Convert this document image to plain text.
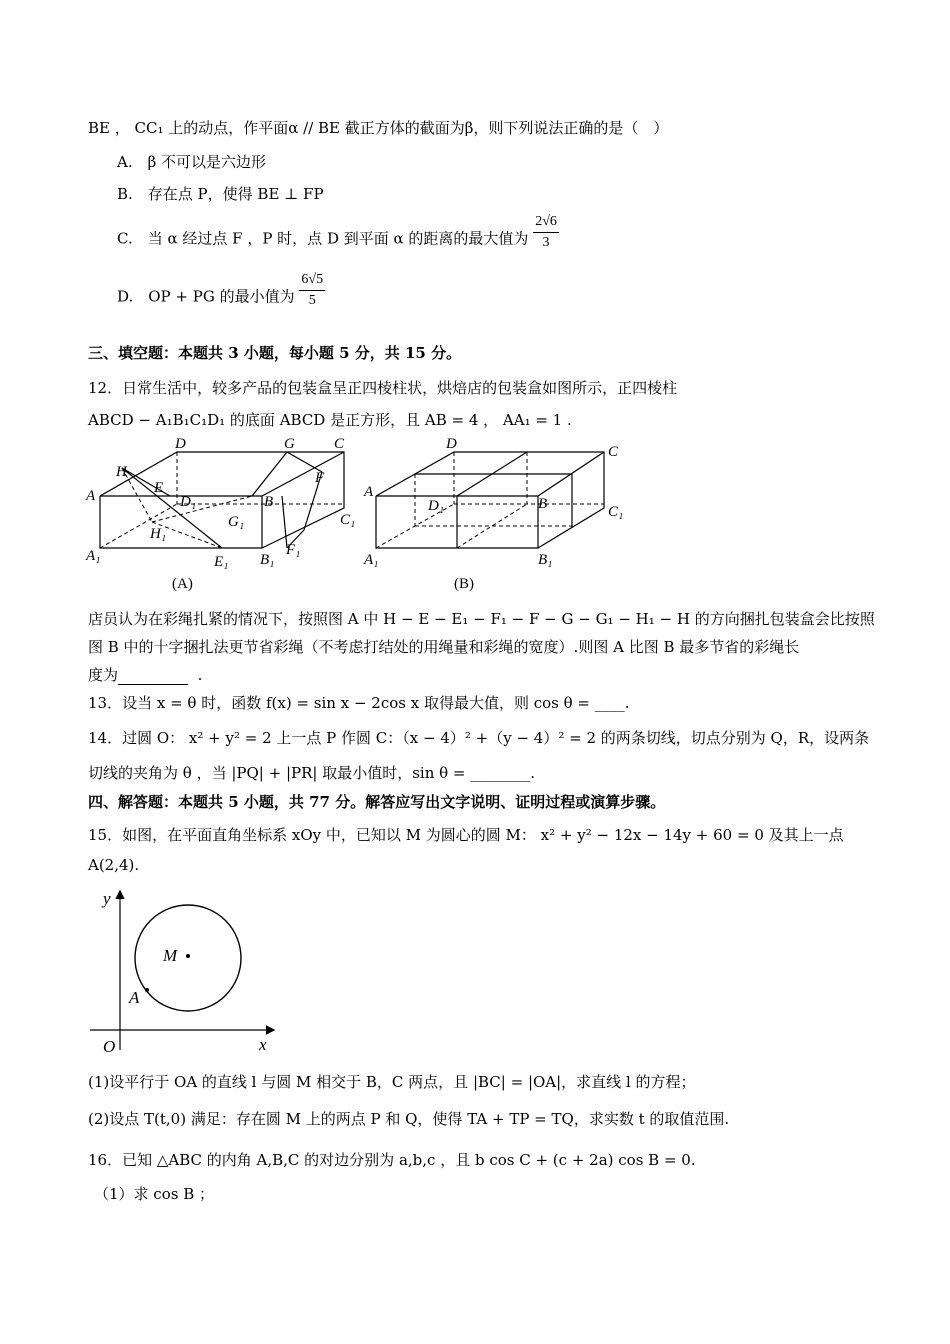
BE ， CC₁ 上的动点，作平面α // BE 截正方体的截面为β，则下列说法正确的是（　）
A.　β 不可以是六边形
B.　存在点 P，使得 BE ⊥ FP
C.　当 α 经过点 F ，P 时，点 D 到平面 α 的距离的最大值为 $\frac{2√6}{3}$
D.　OP + PG 的最小值为 $\frac{6√5}{5}$
三、填空题：本题共 3 小题，每小题 5 分，共 15 分。
12．日常生活中，较多产品的包装盒呈正四棱柱状，烘焙店的包装盒如图所示，正四棱柱
ABCD − A₁B₁C₁D₁ 的底面 ABCD 是正方形，且 AB = 4 ， AA₁ = 1 .
D	G	C
H	F
A	E
D₁	B
G₁	C₁
H₁
F₁
A₁	E₁ B₁
(A)
D	C
A
D₁	B	C₁
A₁	B₁
(B)
店员认为在彩绳扎紧的情况下，按照图 A 中 H − E − E₁ − F₁ − F − G − G₁ − H₁ − H 的方向捆扎包装盒会比按照
图 B 中的十字捆扎法更节省彩绳（不考虑打结处的用绳量和彩绳的宽度）.则图 A 比图 B 最多节省的彩绳长
度为	.
13．设当 x = θ 时，函数 f(x) = sin x − 2cos x 取得最大值，则 cos θ = ____.
14．过圆 O： x² + y² = 2 上一点 P 作圆 C：（x − 4）² +（y − 4）² = 2 的两条切线，切点分别为 Q，R，设两条
切线的夹角为 θ ，当 |PQ| + |PR| 取最小值时，sin θ = ________.
四、解答题：本题共 5 小题，共 77 分。解答应写出文字说明、证明过程或演算步骤。
15．如图，在平面直角坐标系 xOy 中，已知以 M 为圆心的圆 M： x² + y² − 12x − 14y + 60 = 0 及其上一点
A(2,4).
y
x
O
M
A
(1)设平行于 OA 的直线 l 与圆 M 相交于 B，C 两点，且 |BC| = |OA|，求直线 l 的方程；
(2)设点 T(t,0) 满足：存在圆 M 上的两点 P 和 Q，使得 TA + TP = TQ，求实数 t 的取值范围.
16．已知 △ABC 的内角 A,B,C 的对边分别为 a,b,c ，且 b cos C + (c + 2a) cos B = 0.
（1）求 cos B ；
